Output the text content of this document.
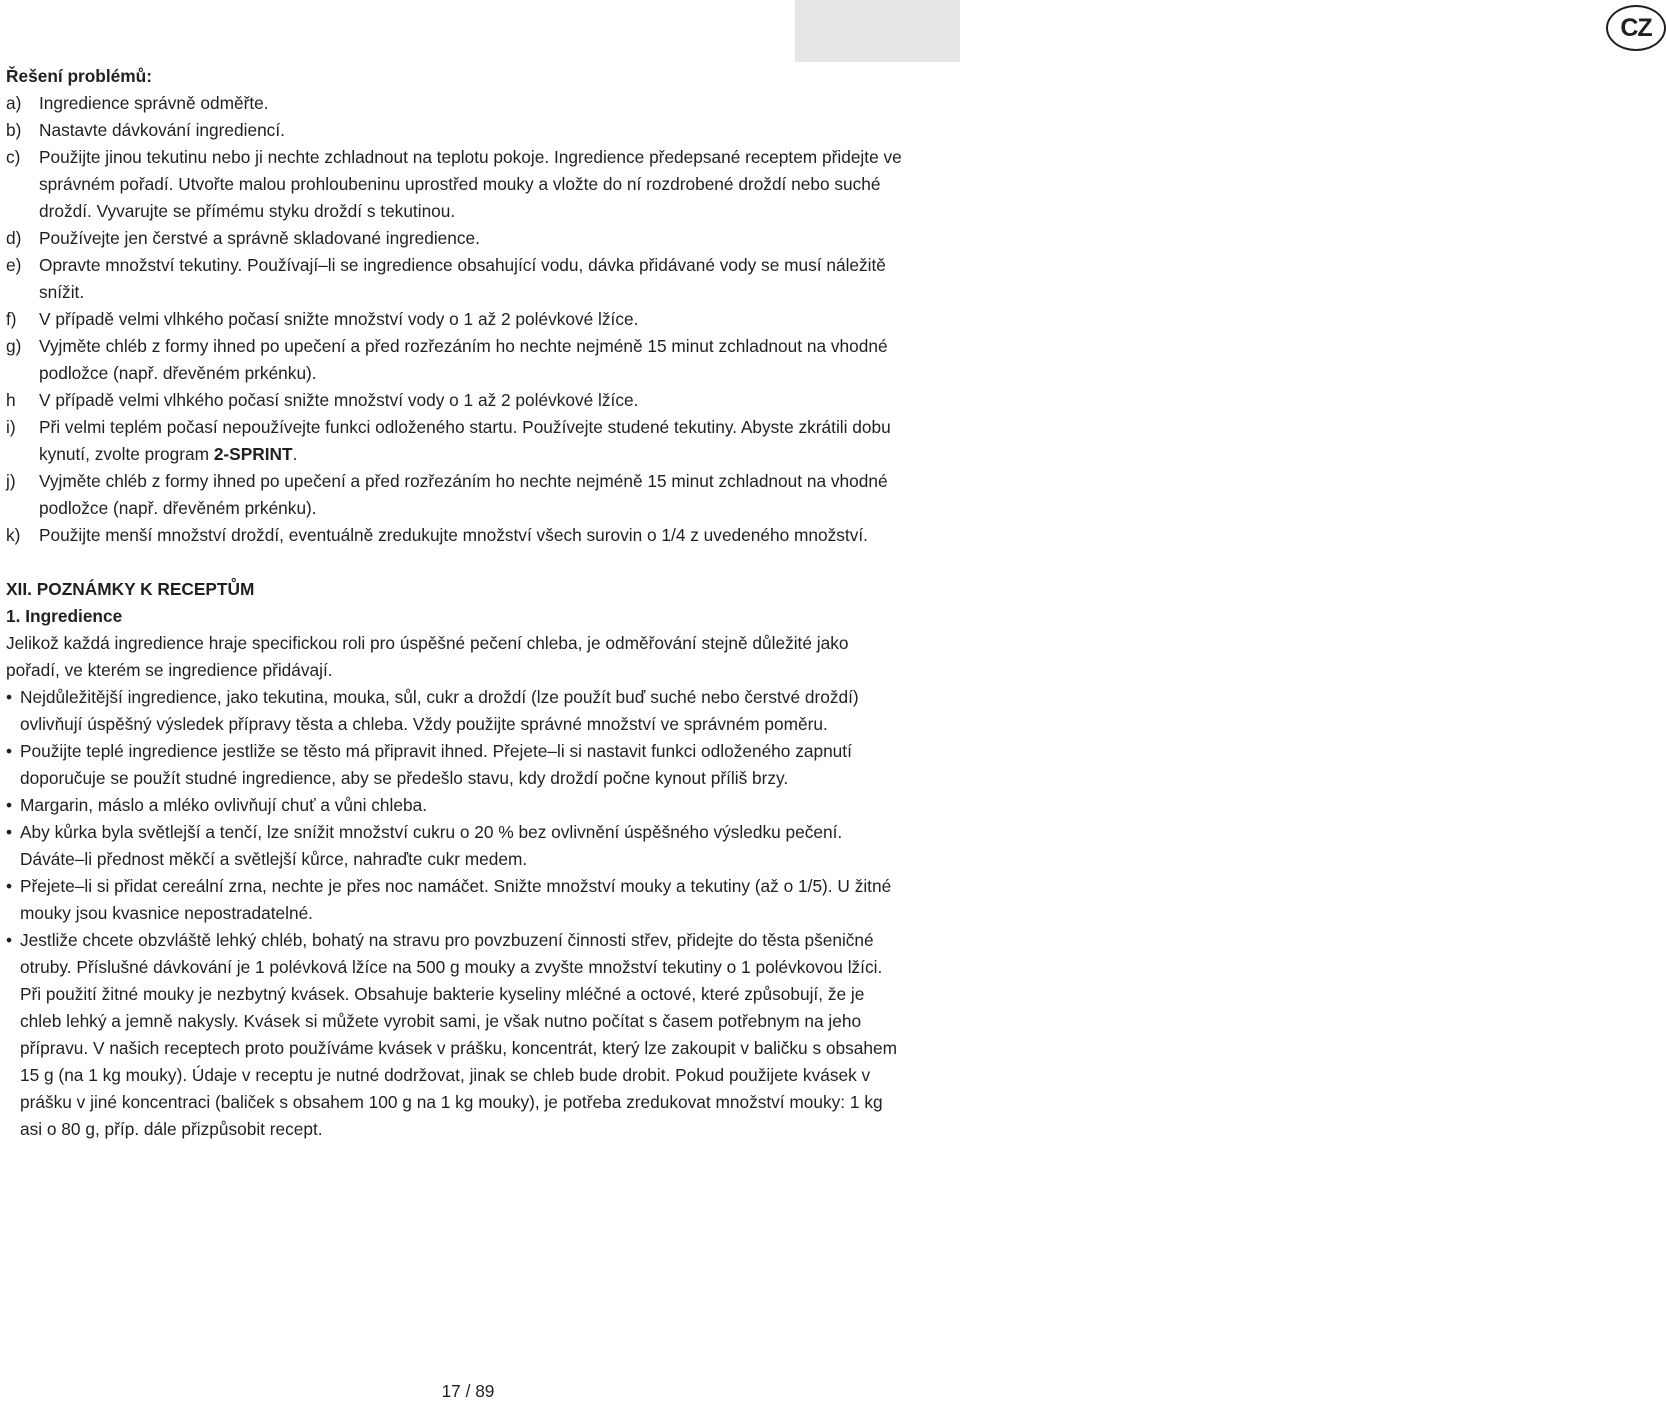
CZ
Řešení problémů:
a)	Ingredience správně odměřte.
b)	Nastavte dávkování ingrediencí.
c)	Použijte jinou tekutinu nebo ji nechte zchladnout na teplotu pokoje. Ingredience předepsané receptem přidejte ve správném pořadí. Utvořte malou prohloubeninu uprostřed mouky a vložte do ní rozdrobené droždí nebo suché droždí. Vyvarujte se přímému styku droždí s tekutinou.
d)	Používejte jen čerstvé a správně skladované ingredience.
e)	Opravte množství tekutiny. Používají–li se ingredience obsahující vodu, dávka přidávané vody se musí náležitě snížit.
f)	V případě velmi vlhkého počasí snižte množství vody o 1 až 2 polévkové lžíce.
g)	Vyjměte chléb z formy ihned po upečení a před rozřezáním ho nechte nejméně 15 minut zchladnout na vhodné podložce (např. dřevěném prkénku).
h	V případě velmi vlhkého počasí snižte množství vody o 1 až 2 polévkové lžíce.
i)	Při velmi teplém počasí nepoužívejte funkci odloženého startu. Používejte studené tekutiny. Abyste zkrátili dobu kynutí, zvolte program 2-SPRINT.
j)	Vyjměte chléb z formy ihned po upečení a před rozřezáním ho nechte nejméně 15 minut zchladnout na vhodné podložce (např. dřevěném prkénku).
k)	Použijte menší množství droždí, eventuálně zredukujte množství všech surovin o 1/4 z uvedeného množství.
XII. POZNÁMKY K RECEPTŮM
1. Ingredience
Jelikož každá ingredience hraje specifickou roli pro úspěšné pečení chleba, je odměřování stejně důležité jako pořadí, ve kterém se ingredience přidávají.
• Nejdůležitější ingredience, jako tekutina, mouka, sůl, cukr a droždí (lze použít buď suché nebo čerstvé droždí) ovlivňují úspěšný výsledek přípravy těsta a chleba. Vždy použijte správné množství ve správném poměru.
• Použijte teplé ingredience jestliže se těsto má připravit ihned. Přejete–li si nastavit funkci odloženého zapnutí doporučuje se použít studné ingredience, aby se předešlo stavu, kdy droždí počne kynout příliš brzy.
• Margarin, máslo a mléko ovlivňují chuť a vůni chleba.
• Aby kůrka byla světlejší a tenčí, lze snížit množství cukru o 20 % bez ovlivnění úspěšného výsledku pečení. Dáváte–li přednost měkčí a světlejší kůrce, nahraďte cukr medem.
• Přejete–li si přidat cereální zrna, nechte je přes noc namáčet. Snižte množství mouky a tekutiny (až o 1/5). U žitné mouky jsou kvasnice nepostradatelné.
• Jestliže chcete obzvláště lehký chléb, bohatý na stravu pro povzbuzení činnosti střev, přidejte do těsta pšeničné otruby. Příslušné dávkování je 1 polévková lžíce na 500 g mouky a zvyšte množství tekutiny o 1 polévkovou lžíci. Při použití žitné mouky je nezbytný kvásek. Obsahuje bakterie kyseliny mléčné a octové, které způsobují, že je chleb lehký a jemně nakysly. Kvásek si můžete vyrobit sami, je však nutno počítat s časem potřebnym na jeho přípravu. V našich receptech proto používáme kvásek v prášku, koncentrát, který lze zakoupit v baličku s obsahem 15 g (na 1 kg mouky). Údaje v receptu je nutné dodržovat, jinak se chleb bude drobit. Pokud použijete kvásek v prášku v jiné koncentraci (baliček s obsahem 100 g na 1 kg mouky), je potřeba zredukovat množství mouky: 1 kg asi o 80 g, příp. dále přizpůsobit recept.
17 / 89
